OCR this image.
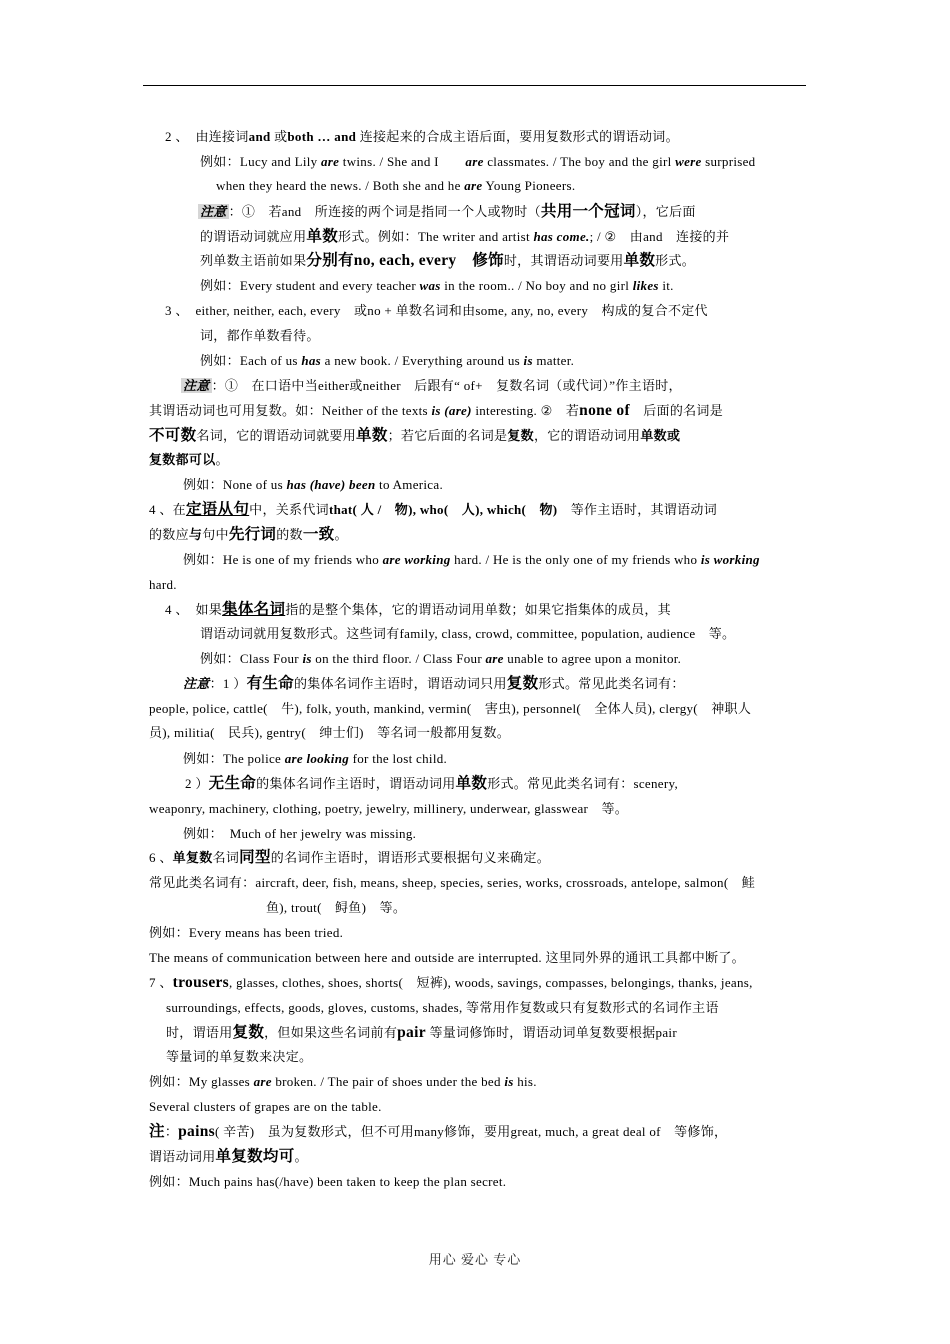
2 、　由连接词and 或both … and 连接起来的合成主语后面，要用复数形式的谓语动词。
例如：Lucy and Lily are twins. / She and I　　are classmates. / The boy and the girl were surprised
when they heard the news. / Both she and he are Young Pioneers.
注意 ：①　若and　所连接的两个词是指同一个人或物时（共用一个冠词），它后面
的谓语动词就应用单数形式。例如：The writer and artist has come.; / ②　由and　连接的并
列单数主语前如果分别有no, each, every　修饰时，其谓语动词要用单数形式。
例如：Every student and every teacher was in the room.. / No boy and no girl likes it.
3 、　either, neither, each, every　或no + 单数名词和由some, any, no, every　构成的复合不定代
词，都作单数看待。
例如：Each of us has a new book. / Everything around us is matter.
注意 ：①　在口语中当either或neither　后跟有“ of+　复数名词（或代词）”作主语时，
其谓语动词也可用复数。如：Neither of the texts is (are) interesting. ②　若none of　后面的名词是
不可数名词，它的谓语动词就要用单数；若它后面的名词是复数，它的谓语动词用单数或
复数都可以。
例如：None of us has (have) been to America.
4 、在定语从句中，关系代词that( 人 /　物), who(　人), which(　物)　等作主语时，其谓语动词
的数应与句中先行词的数一致。
例如：He is one of my friends who are working hard. / He is the only one of my friends who is working
hard.
4 、　如果集体名词指的是整个集体，它的谓语动词用单数；如果它指集体的成员，其
谓语动词就用复数形式。这些词有family, class, crowd, committee, population, audience　等。
例如：Class Four is on the third floor. / Class Four are unable to agree upon a monitor.
注意：1 ）有生命的集体名词作主语时，谓语动词只用复数形式。常见此类名词有：
people, police, cattle(　牛), folk, youth, mankind, vermin(　害虫), personnel(　全体人员), clergy(　神职人
员), militia(　民兵), gentry(　绅士们)　等名词一般都用复数。
例如：The police are looking for the lost child.
2 ）无生命的集体名词作主语时，谓语动词用单数形式。常见此类名词有：scenery,
weaponry, machinery, clothing, poetry, jewelry, millinery, underwear, glasswear　等。
例如：　Much of her jewelry was missing.
6 、单复数名词同型的名词作主语时，谓语形式要根据句义来确定。
常见此类名词有：aircraft, deer, fish, means, sheep, species, series, works, crossroads, antelope, salmon(　鲑
鱼), trout(　鲟鱼)　等。
例如：Every means has been tried.
The means of communication between here and outside are interrupted. 这里同外界的通讯工具都中断了。
7 、trousers, glasses, clothes, shoes, shorts(　短裤), woods, savings, compasses, belongings, thanks, jeans,
surroundings, effects, goods, gloves, customs, shades, 等常用作复数或只有复数形式的名词作主语
时，谓语用复数，但如果这些名词前有pair 等量词修饰时，谓语动词单复数要根据pair
等量词的单复数来决定。
例如：My glasses are broken. / The pair of shoes under the bed is his.
Several clusters of grapes are on the table.
注：pains( 辛苦)　虽为复数形式，但不可用many修饰，要用great, much, a great deal of　等修饰，
谓语动词用单复数均可。
例如：Much pains has(/have) been taken to keep the plan secret.
用心 爱心 专心
